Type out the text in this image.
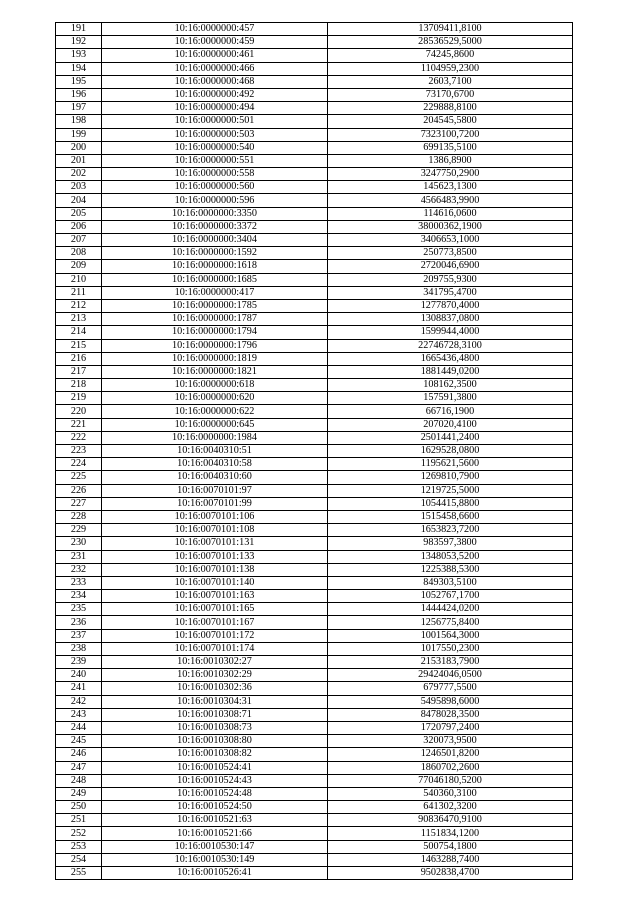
191	10:16:0000000:457	13709411,8100
192	10:16:0000000:459	28536529,5000
193	10:16:0000000:461	74245,8600
194	10:16:0000000:466	1104959,2300
195	10:16:0000000:468	2603,7100
196	10:16:0000000:492	73170,6700
197	10:16:0000000:494	229888,8100
198	10:16:0000000:501	204545,5800
199	10:16:0000000:503	7323100,7200
200	10:16:0000000:540	699135,5100
201	10:16:0000000:551	1386,8900
202	10:16:0000000:558	3247750,2900
203	10:16:0000000:560	145623,1300
204	10:16:0000000:596	4566483,9900
205	10:16:0000000:3350	114616,0600
206	10:16:0000000:3372	38000362,1900
207	10:16:0000000:3404	3406653,1000
208	10:16:0000000:1592	250773,8500
209	10:16:0000000:1618	2720046,6900
210	10:16:0000000:1685	209755,9300
211	10:16:0000000:417	341795,4700
212	10:16:0000000:1785	1277870,4000
213	10:16:0000000:1787	1308837,0800
214	10:16:0000000:1794	1599944,4000
215	10:16:0000000:1796	22746728,3100
216	10:16:0000000:1819	1665436,4800
217	10:16:0000000:1821	1881449,0200
218	10:16:0000000:618	108162,3500
219	10:16:0000000:620	157591,3800
220	10:16:0000000:622	66716,1900
221	10:16:0000000:645	207020,4100
222	10:16:0000000:1984	2501441,2400
223	10:16:0040310:51	1629528,0800
224	10:16:0040310:58	1195621,5600
225	10:16:0040310:60	1269810,7900
226	10:16:0070101:97	1219725,5000
227	10:16:0070101:99	1054415,8800
228	10:16:0070101:106	1515458,6600
229	10:16:0070101:108	1653823,7200
230	10:16:0070101:131	983597,3800
231	10:16:0070101:133	1348053,5200
232	10:16:0070101:138	1225388,5300
233	10:16:0070101:140	849303,5100
234	10:16:0070101:163	1052767,1700
235	10:16:0070101:165	1444424,0200
236	10:16:0070101:167	1256775,8400
237	10:16:0070101:172	1001564,3000
238	10:16:0070101:174	1017550,2300
239	10:16:0010302:27	2153183,7900
240	10:16:0010302:29	29424046,0500
241	10:16:0010302:36	679777,5500
242	10:16:0010304:31	5495898,6000
243	10:16:0010308:71	8478028,3500
244	10:16:0010308:73	1720797,2400
245	10:16:0010308:80	320073,9500
246	10:16:0010308:82	1246501,8200
247	10:16:0010524:41	1860702,2600
248	10:16:0010524:43	77046180,5200
249	10:16:0010524:48	540360,3100
250	10:16:0010524:50	641302,3200
251	10:16:0010521:63	90836470,9100
252	10:16:0010521:66	1151834,1200
253	10:16:0010530:147	500754,1800
254	10:16:0010530:149	1463288,7400
255	10:16:0010526:41	9502838,4700
